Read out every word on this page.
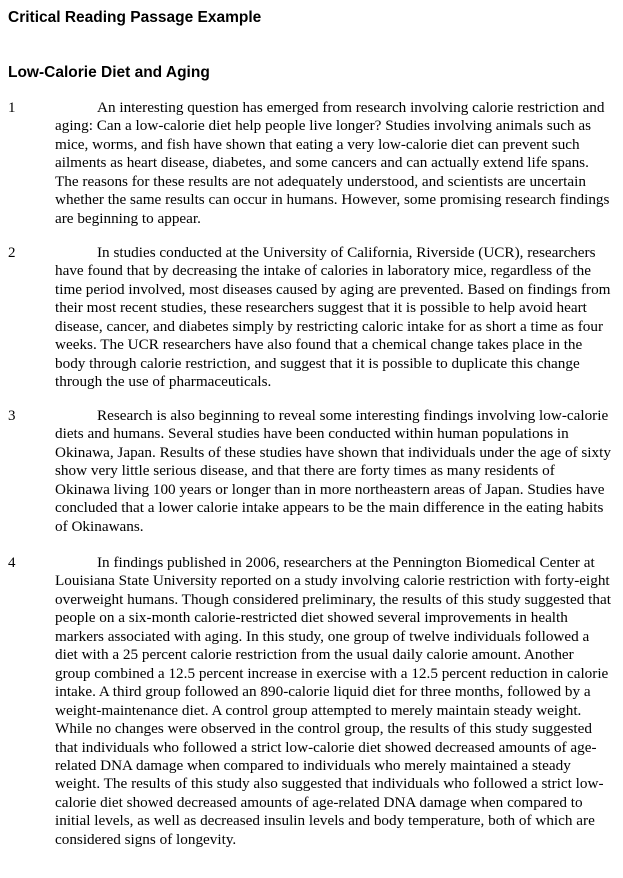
Critical Reading Passage Example
Low-Calorie Diet and Aging
1	An interesting question has emerged from research involving calorie restriction and aging: Can a low-calorie diet help people live longer? Studies involving animals such as mice, worms, and fish have shown that eating a very low-calorie diet can prevent such ailments as heart disease, diabetes, and some cancers and can actually extend life spans. The reasons for these results are not adequately understood, and scientists are uncertain whether the same results can occur in humans. However, some promising research findings are beginning to appear.

2	In studies conducted at the University of California, Riverside (UCR), researchers have found that by decreasing the intake of calories in laboratory mice, regardless of the time period involved, most diseases caused by aging are prevented. Based on findings from their most recent studies, these researchers suggest that it is possible to help avoid heart disease, cancer, and diabetes simply by restricting caloric intake for as short a time as four weeks. The UCR researchers have also found that a chemical change takes place in the body through calorie restriction, and suggest that it is possible to duplicate this change through the use of pharmaceuticals.

3	Research is also beginning to reveal some interesting findings involving low-calorie diets and humans. Several studies have been conducted within human populations in Okinawa, Japan. Results of these studies have shown that individuals under the age of sixty show very little serious disease, and that there are forty times as many residents of Okinawa living 100 years or longer than in more northeastern areas of Japan. Studies have concluded that a lower calorie intake appears to be the main difference in the eating habits of Okinawans.

4	In findings published in 2006, researchers at the Pennington Biomedical Center at Louisiana State University reported on a study involving calorie restriction with forty-eight overweight humans. Though considered preliminary, the results of this study suggested that people on a six-month calorie-restricted diet showed several improvements in health markers associated with aging. In this study, one group of twelve individuals followed a diet with a 25 percent calorie restriction from the usual daily calorie amount. Another group combined a 12.5 percent increase in exercise with a 12.5 percent reduction in calorie intake. A third group followed an 890-calorie liquid diet for three months, followed by a weight-maintenance diet. A control group attempted to merely maintain steady weight. While no changes were observed in the control group, the results of this study suggested that individuals who followed a strict low-calorie diet showed decreased amounts of age-related DNA damage when compared to individuals who merely maintained a steady weight. The results of this study also suggested that individuals who followed a strict low-calorie diet showed decreased amounts of age-related DNA damage when compared to initial levels, as well as decreased insulin levels and body temperature, both of which are considered signs of longevity.
